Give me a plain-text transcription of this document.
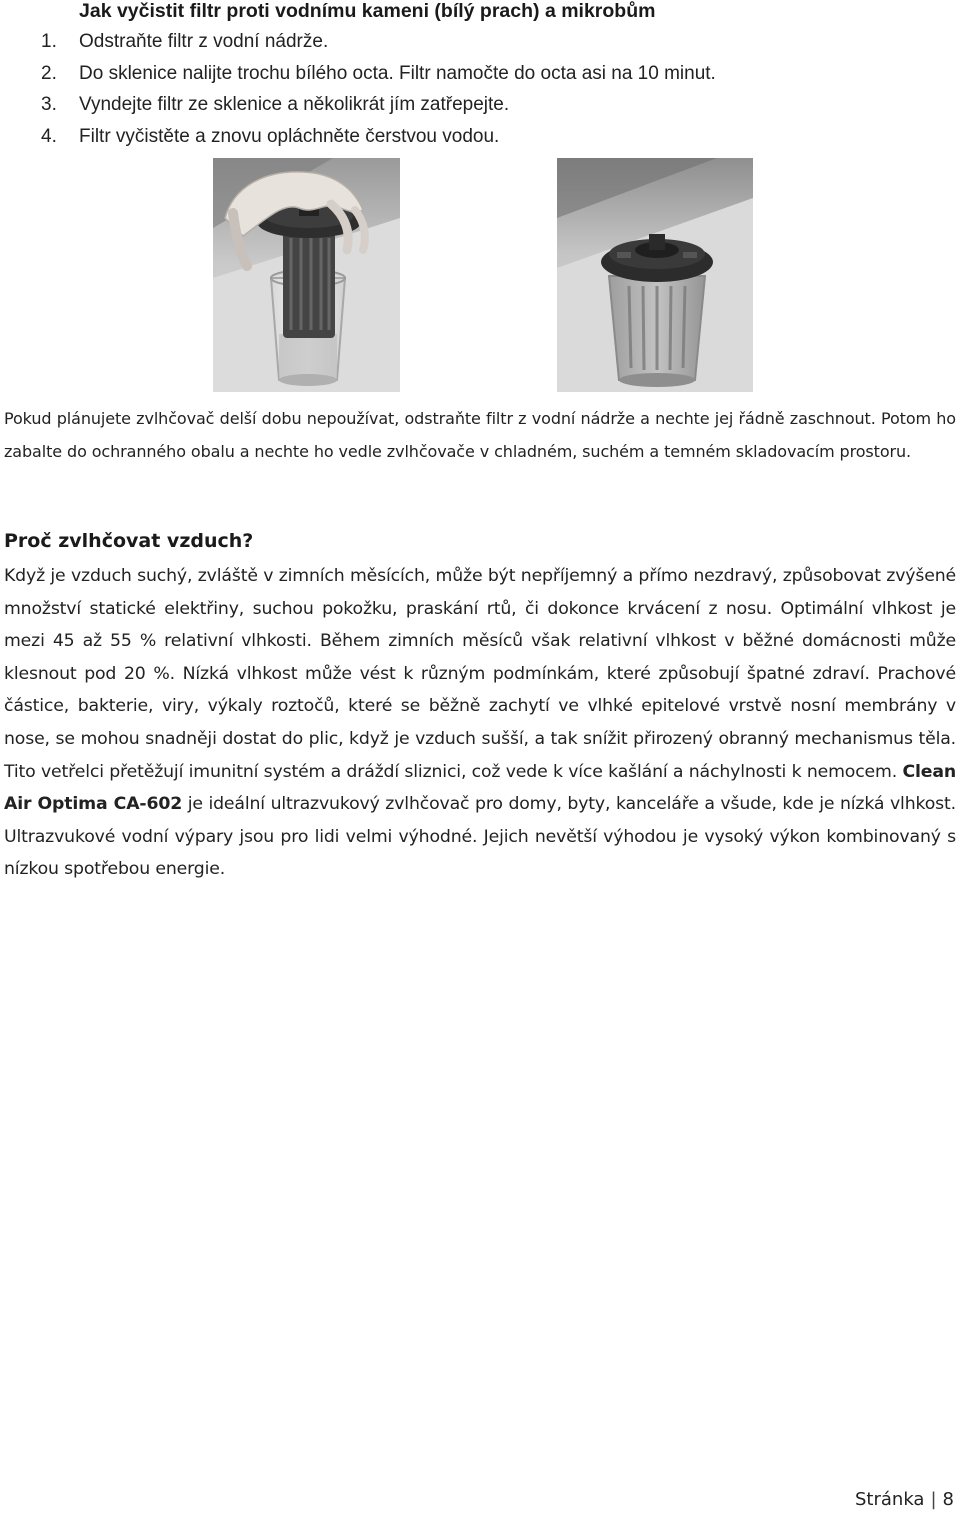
Jak vyčistit filtr proti vodnímu kameni (bílý prach) a mikrobům
1. Odstraňte filtr z vodní nádrže.
2. Do sklenice nalijte trochu bílého octa. Filtr namočte do octa asi na 10 minut.
3. Vyndejte filtr ze sklenice a několikrát jím zatřepejte.
4. Filtr vyčistěte a znovu opláchněte čerstvou vodou.

Pokud plánujete zvlhčovač delší dobu nepoužívat, odstraňte filtr z vodní nádrže a nechte jej řádně zaschnout. Potom ho zabalte do ochranného obalu a nechte ho vedle zvlhčovače v chladném, suchém a temném skladovacím prostoru.

Proč zvlhčovat vzduch?

Když je vzduch suchý, zvláště v zimních měsících, může být nepříjemný a přímo nezdravý, způsobovat zvýšené množství statické elektřiny, suchou pokožku, praskání rtů, či dokonce krvácení z nosu. Optimální vlhkost je mezi 45 až 55 % relativní vlhkosti. Během zimních měsíců však relativní vlhkost v běžné domácnosti může klesnout pod 20 %. Nízká vlhkost může vést k různým podmínkám, které způsobují špatné zdraví. Prachové částice, bakterie, viry, výkaly roztočů, které se běžně zachytí ve vlhké epitelové vrstvě nosní membrány v nose, se mohou snadněji dostat do plic, když je vzduch sušší, a tak snížit přirozený obranný mechanismus těla. Tito vetřelci přetěžují imunitní systém a dráždí sliznici, což vede k více kašlání a náchylnosti k nemocem. Clean Air Optima CA-602 je ideální ultrazvukový zvlhčovač pro domy, byty, kanceláře a všude, kde je nízká vlhkost. Ultrazvukové vodní výpary jsou pro lidi velmi výhodné. Jejich nevětší výhodou je vysoký výkon kombinovaný s nízkou spotřebou energie.

Stránka | 8
